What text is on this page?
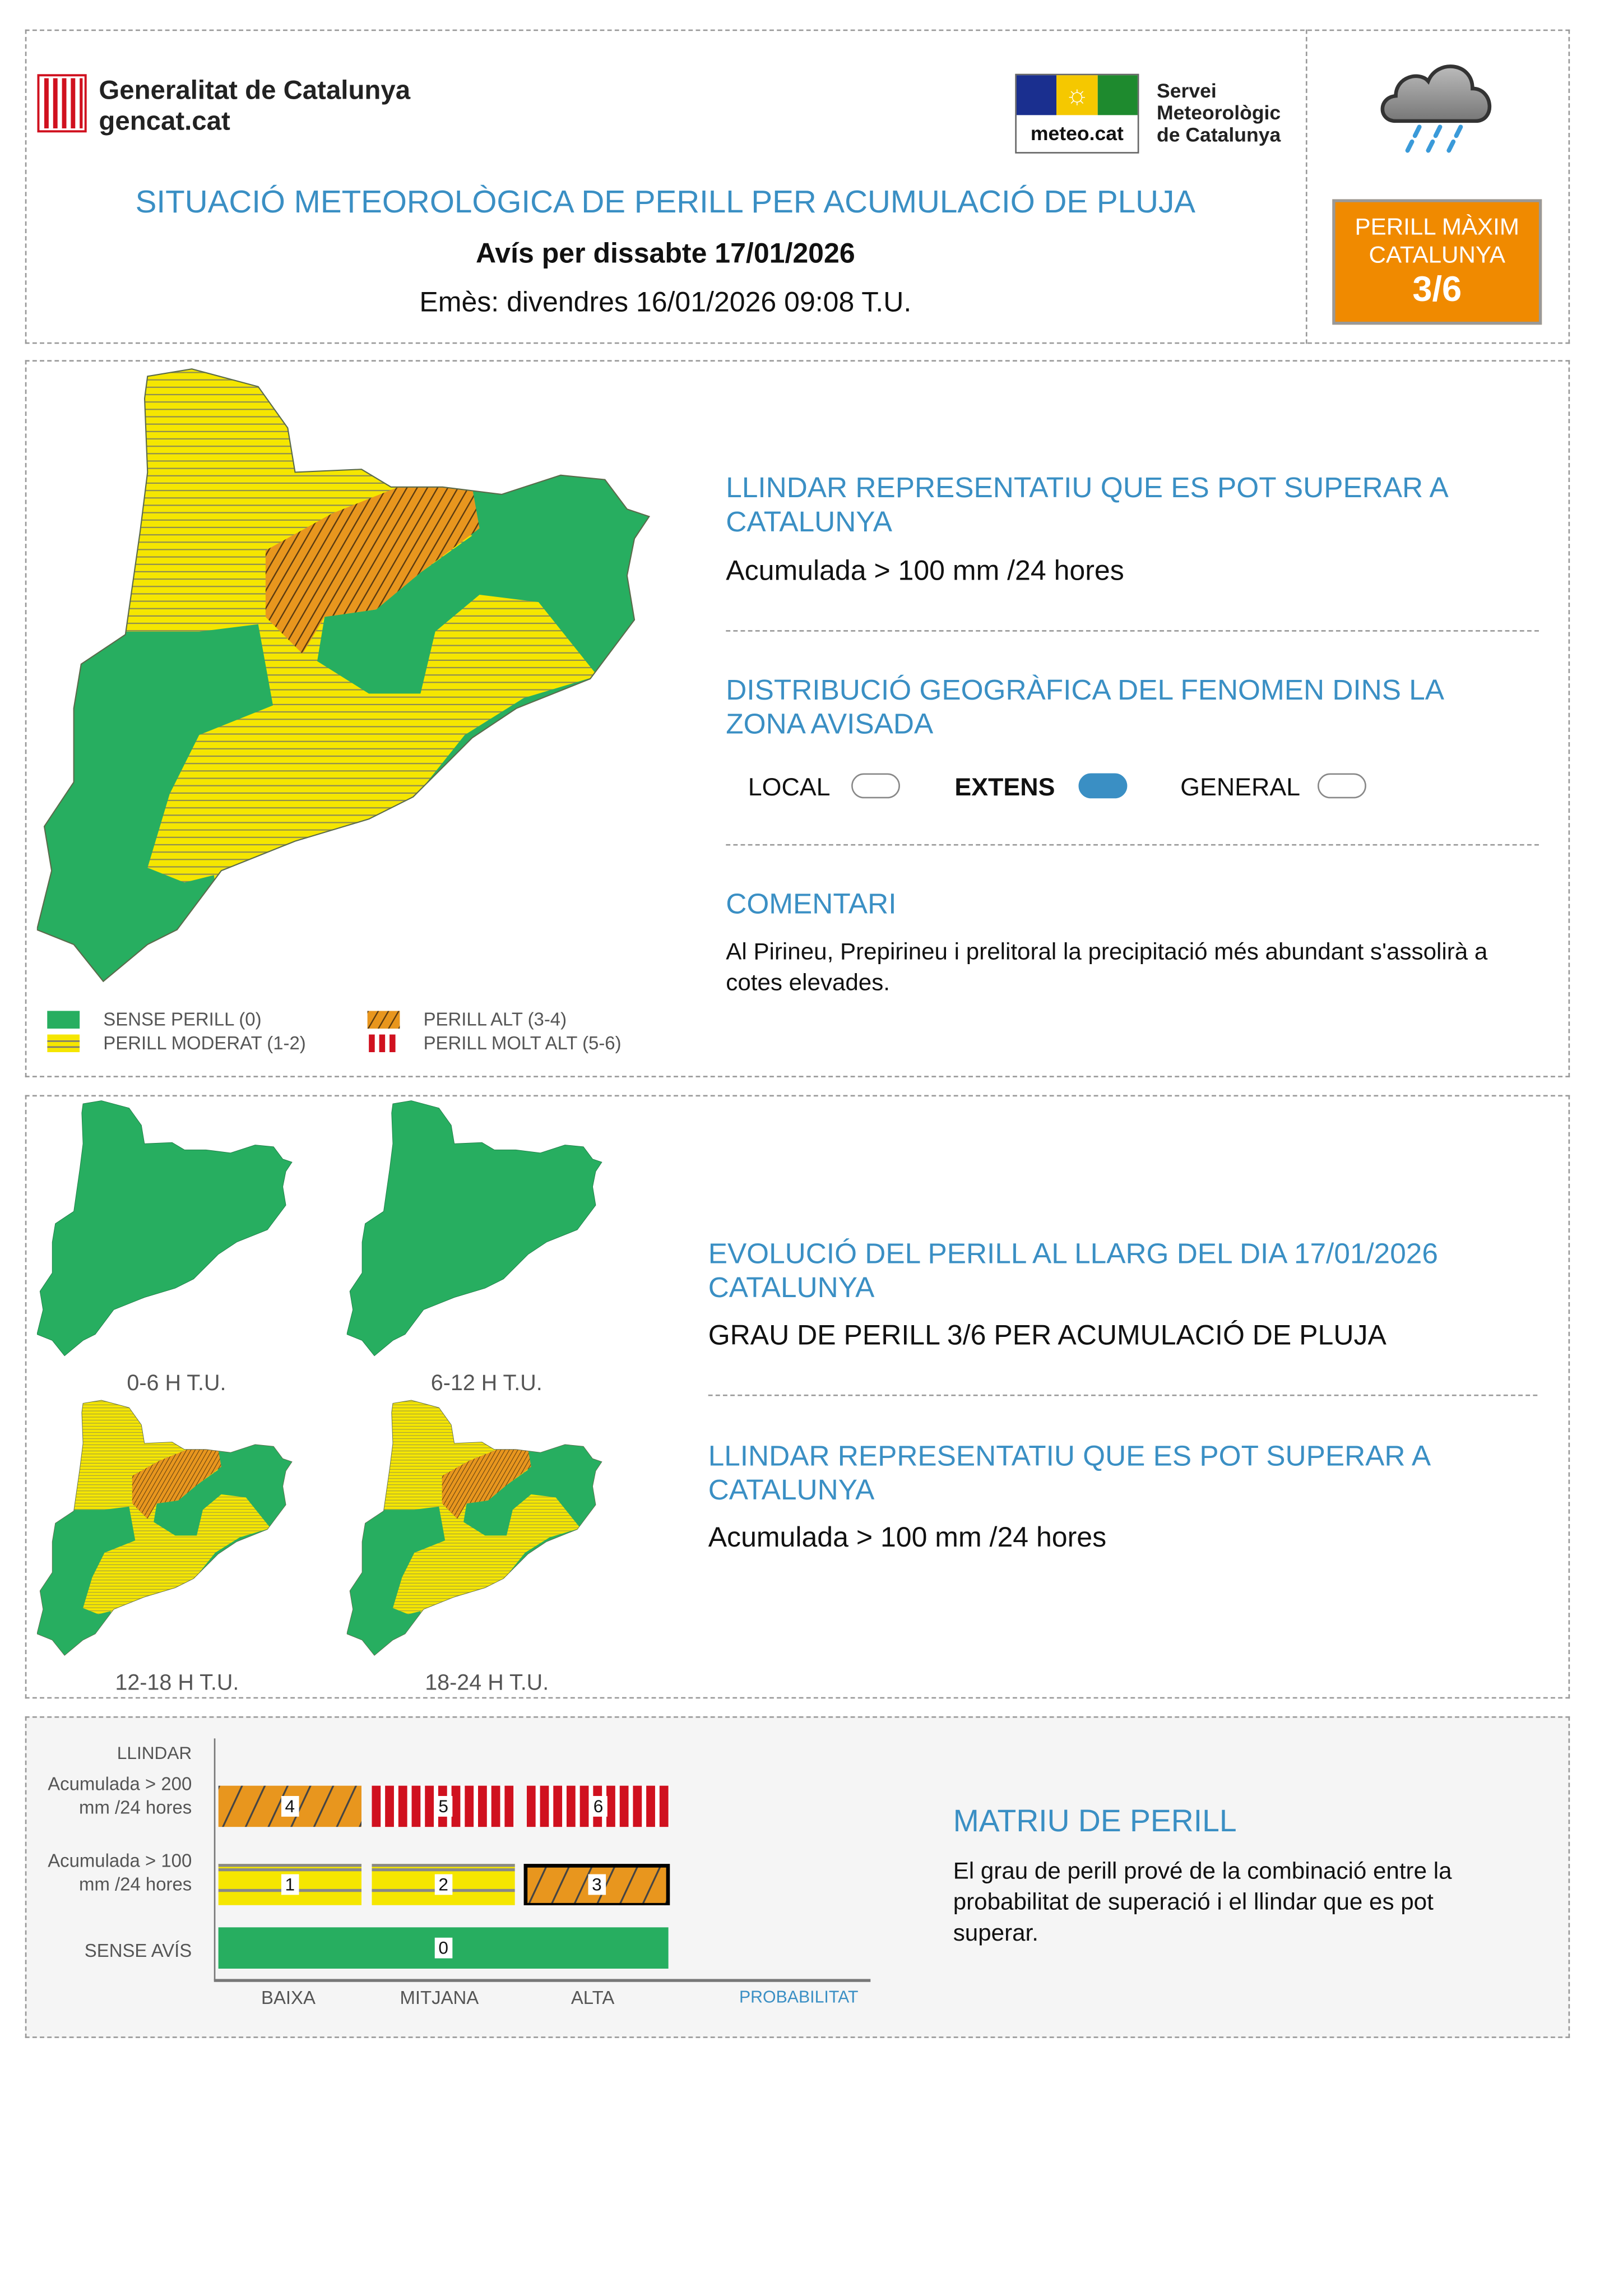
Generalitat de Catalunya
gencat.cat
☼
meteo.cat
Servei
Meteorològic
de Catalunya
SITUACIÓ METEOROLÒGICA DE PERILL PER ACUMULACIÓ DE PLUJA
Avís per dissabte 17/01/2026
Emès: divendres 16/01/2026 09:08 T.U.
PERILL MÀXIM
CATALUNYA
3/6
SENSE PERILL (0)
PERILL MODERAT (1-2)
PERILL ALT (3-4)
PERILL MOLT ALT (5-6)
LLINDAR REPRESENTATIU QUE ES POT SUPERAR A CATALUNYA
Acumulada > 100 mm /24 hores
DISTRIBUCIÓ GEOGRÀFICA DEL FENOMEN DINS LA ZONA AVISADA
LOCAL	EXTENS	GENERAL
COMENTARI
Al Pirineu, Prepirineu i prelitoral la precipitació més abundant s'assolirà a cotes elevades.
0-6 H T.U.	6-12 H T.U.
12-18 H T.U.	18-24 H T.U.
EVOLUCIÓ DEL PERILL AL LLARG DEL DIA 17/01/2026 CATALUNYA
GRAU DE PERILL 3/6 PER ACUMULACIÓ DE PLUJA
LLINDAR REPRESENTATIU QUE ES POT SUPERAR A CATALUNYA
Acumulada > 100 mm /24 hores
LLINDAR
Acumulada > 200 mm /24 hores
Acumulada > 100 mm /24 hores
SENSE AVÍS
4	5	6
1	2	3
0
BAIXA	MITJANA	ALTA	PROBABILITAT
MATRIU DE PERILL
El grau de perill prové de la combinació entre la probabilitat de superació i el llindar que es pot superar.
